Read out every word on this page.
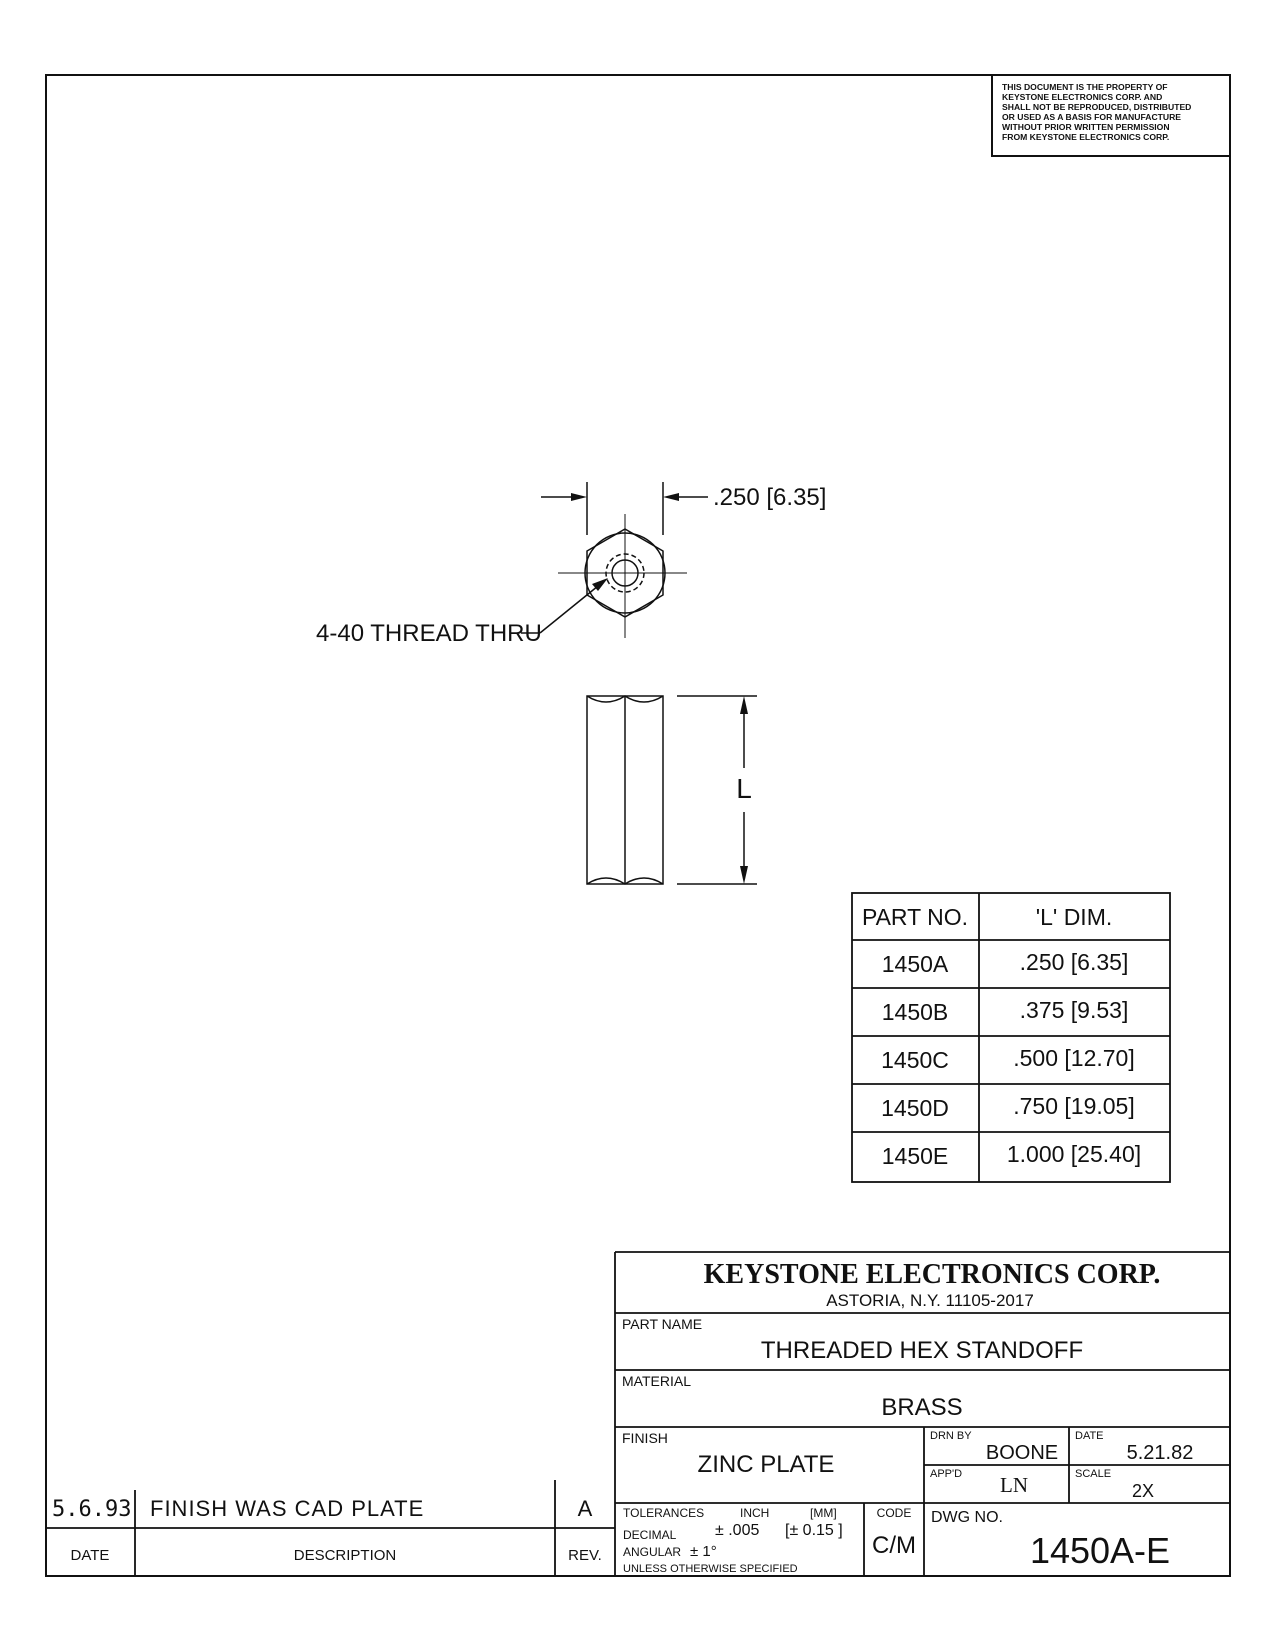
THIS DOCUMENT IS THE PROPERTY OF
KEYSTONE ELECTRONICS CORP. AND
SHALL NOT BE REPRODUCED, DISTRIBUTED
OR USED AS A BASIS FOR MANUFACTURE
WITHOUT PRIOR WRITTEN PERMISSION
FROM KEYSTONE ELECTRONICS CORP.
.250 [6.35]
4-40 THREAD THRU
L
PART NO.	'L' DIM.
1450A	.250 [6.35]
1450B	.375 [9.53]
1450C	.500 [12.70]
1450D	.750 [19.05]
1450E	1.000 [25.40]
5.6.93 FINISH WAS CAD PLATE	A
DATE	DESCRIPTION	REV.
KEYSTONE ELECTRONICS CORP.
ASTORIA, N.Y. 11105-2017
PART NAME
THREADED HEX STANDOFF
MATERIAL
BRASS
FINISH
ZINC PLATE
DRN BY
BOONE
DATE
5.21.82
APP'D LN	SCALE
2X
TOLERANCES	INCH	[MM]
DECIMAL ± .005 [± 0.15 ]
ANGULAR ± 1°
UNLESS OTHERWISE SPECIFIED
CODE
C/M
DWG NO.
1450A-E
